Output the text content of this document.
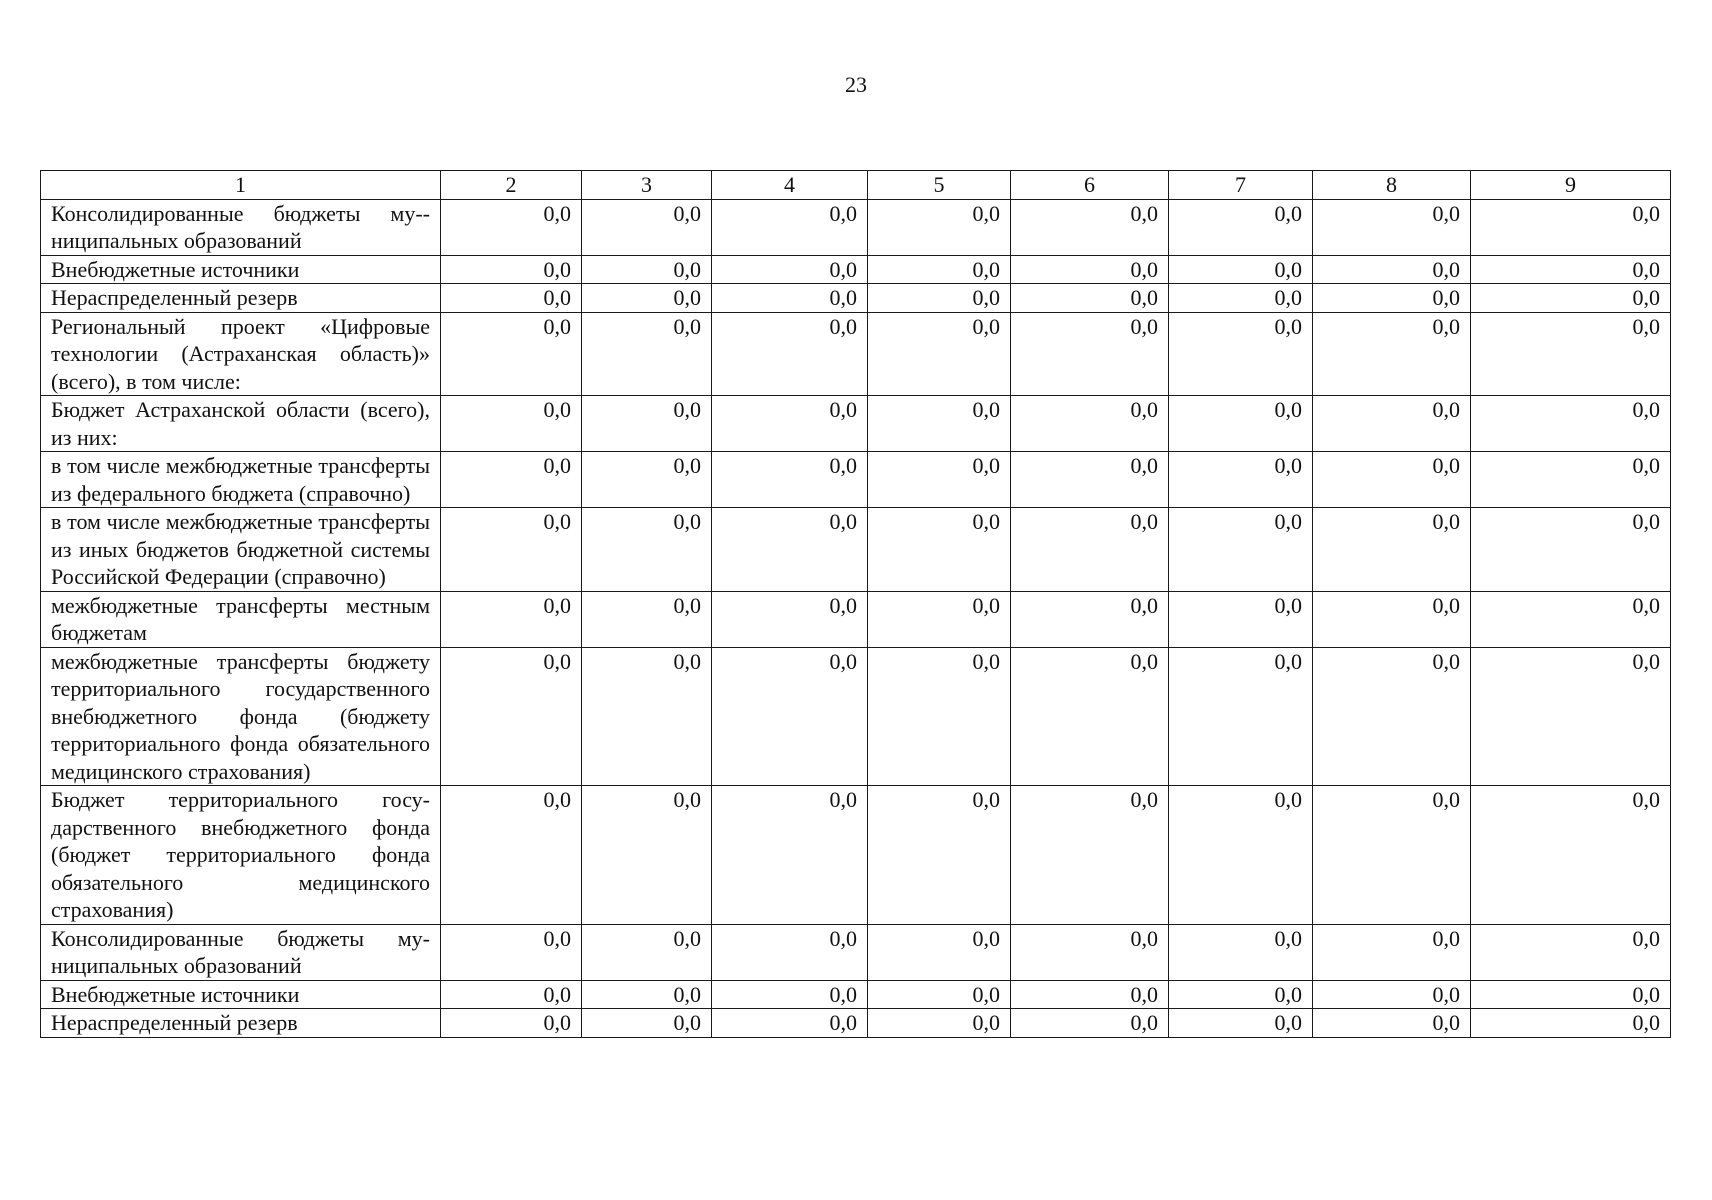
23
1	2	3	4	5	6	7	8	9
Консолидированные бюджеты му-ниципальных образований	0,0	0,0	0,0	0,0	0,0	0,0	0,0	0,0
Внебюджетные источники	0,0	0,0	0,0	0,0	0,0	0,0	0,0	0,0
Нераспределенный резерв	0,0	0,0	0,0	0,0	0,0	0,0	0,0	0,0
Региональный проект «Цифровые технологии (Астраханская область)» (всего), в том числе:	0,0	0,0	0,0	0,0	0,0	0,0	0,0	0,0
Бюджет Астраханской области (всего), из них:	0,0	0,0	0,0	0,0	0,0	0,0	0,0	0,0
в том числе межбюджетные трансферты из федерального бюджета (справочно)	0,0	0,0	0,0	0,0	0,0	0,0	0,0	0,0
в том числе межбюджетные трансферты из иных бюджетов бюджетной системы Российской Федерации (справочно)	0,0	0,0	0,0	0,0	0,0	0,0	0,0	0,0
межбюджетные трансферты местным бюджетам	0,0	0,0	0,0	0,0	0,0	0,0	0,0	0,0
межбюджетные трансферты бюджету территориального государственного внебюджетного фонда (бюджету территориального фонда обязательного медицинского страхования)	0,0	0,0	0,0	0,0	0,0	0,0	0,0	0,0
Бюджет территориального государственного внебюджетного фонда (бюджет территориального фонда обязательного медицинского страхования)	0,0	0,0	0,0	0,0	0,0	0,0	0,0	0,0
Консолидированные бюджеты муниципальных образований	0,0	0,0	0,0	0,0	0,0	0,0	0,0	0,0
Внебюджетные источники	0,0	0,0	0,0	0,0	0,0	0,0	0,0	0,0
Нераспределенный резерв	0,0	0,0	0,0	0,0	0,0	0,0	0,0	0,0
